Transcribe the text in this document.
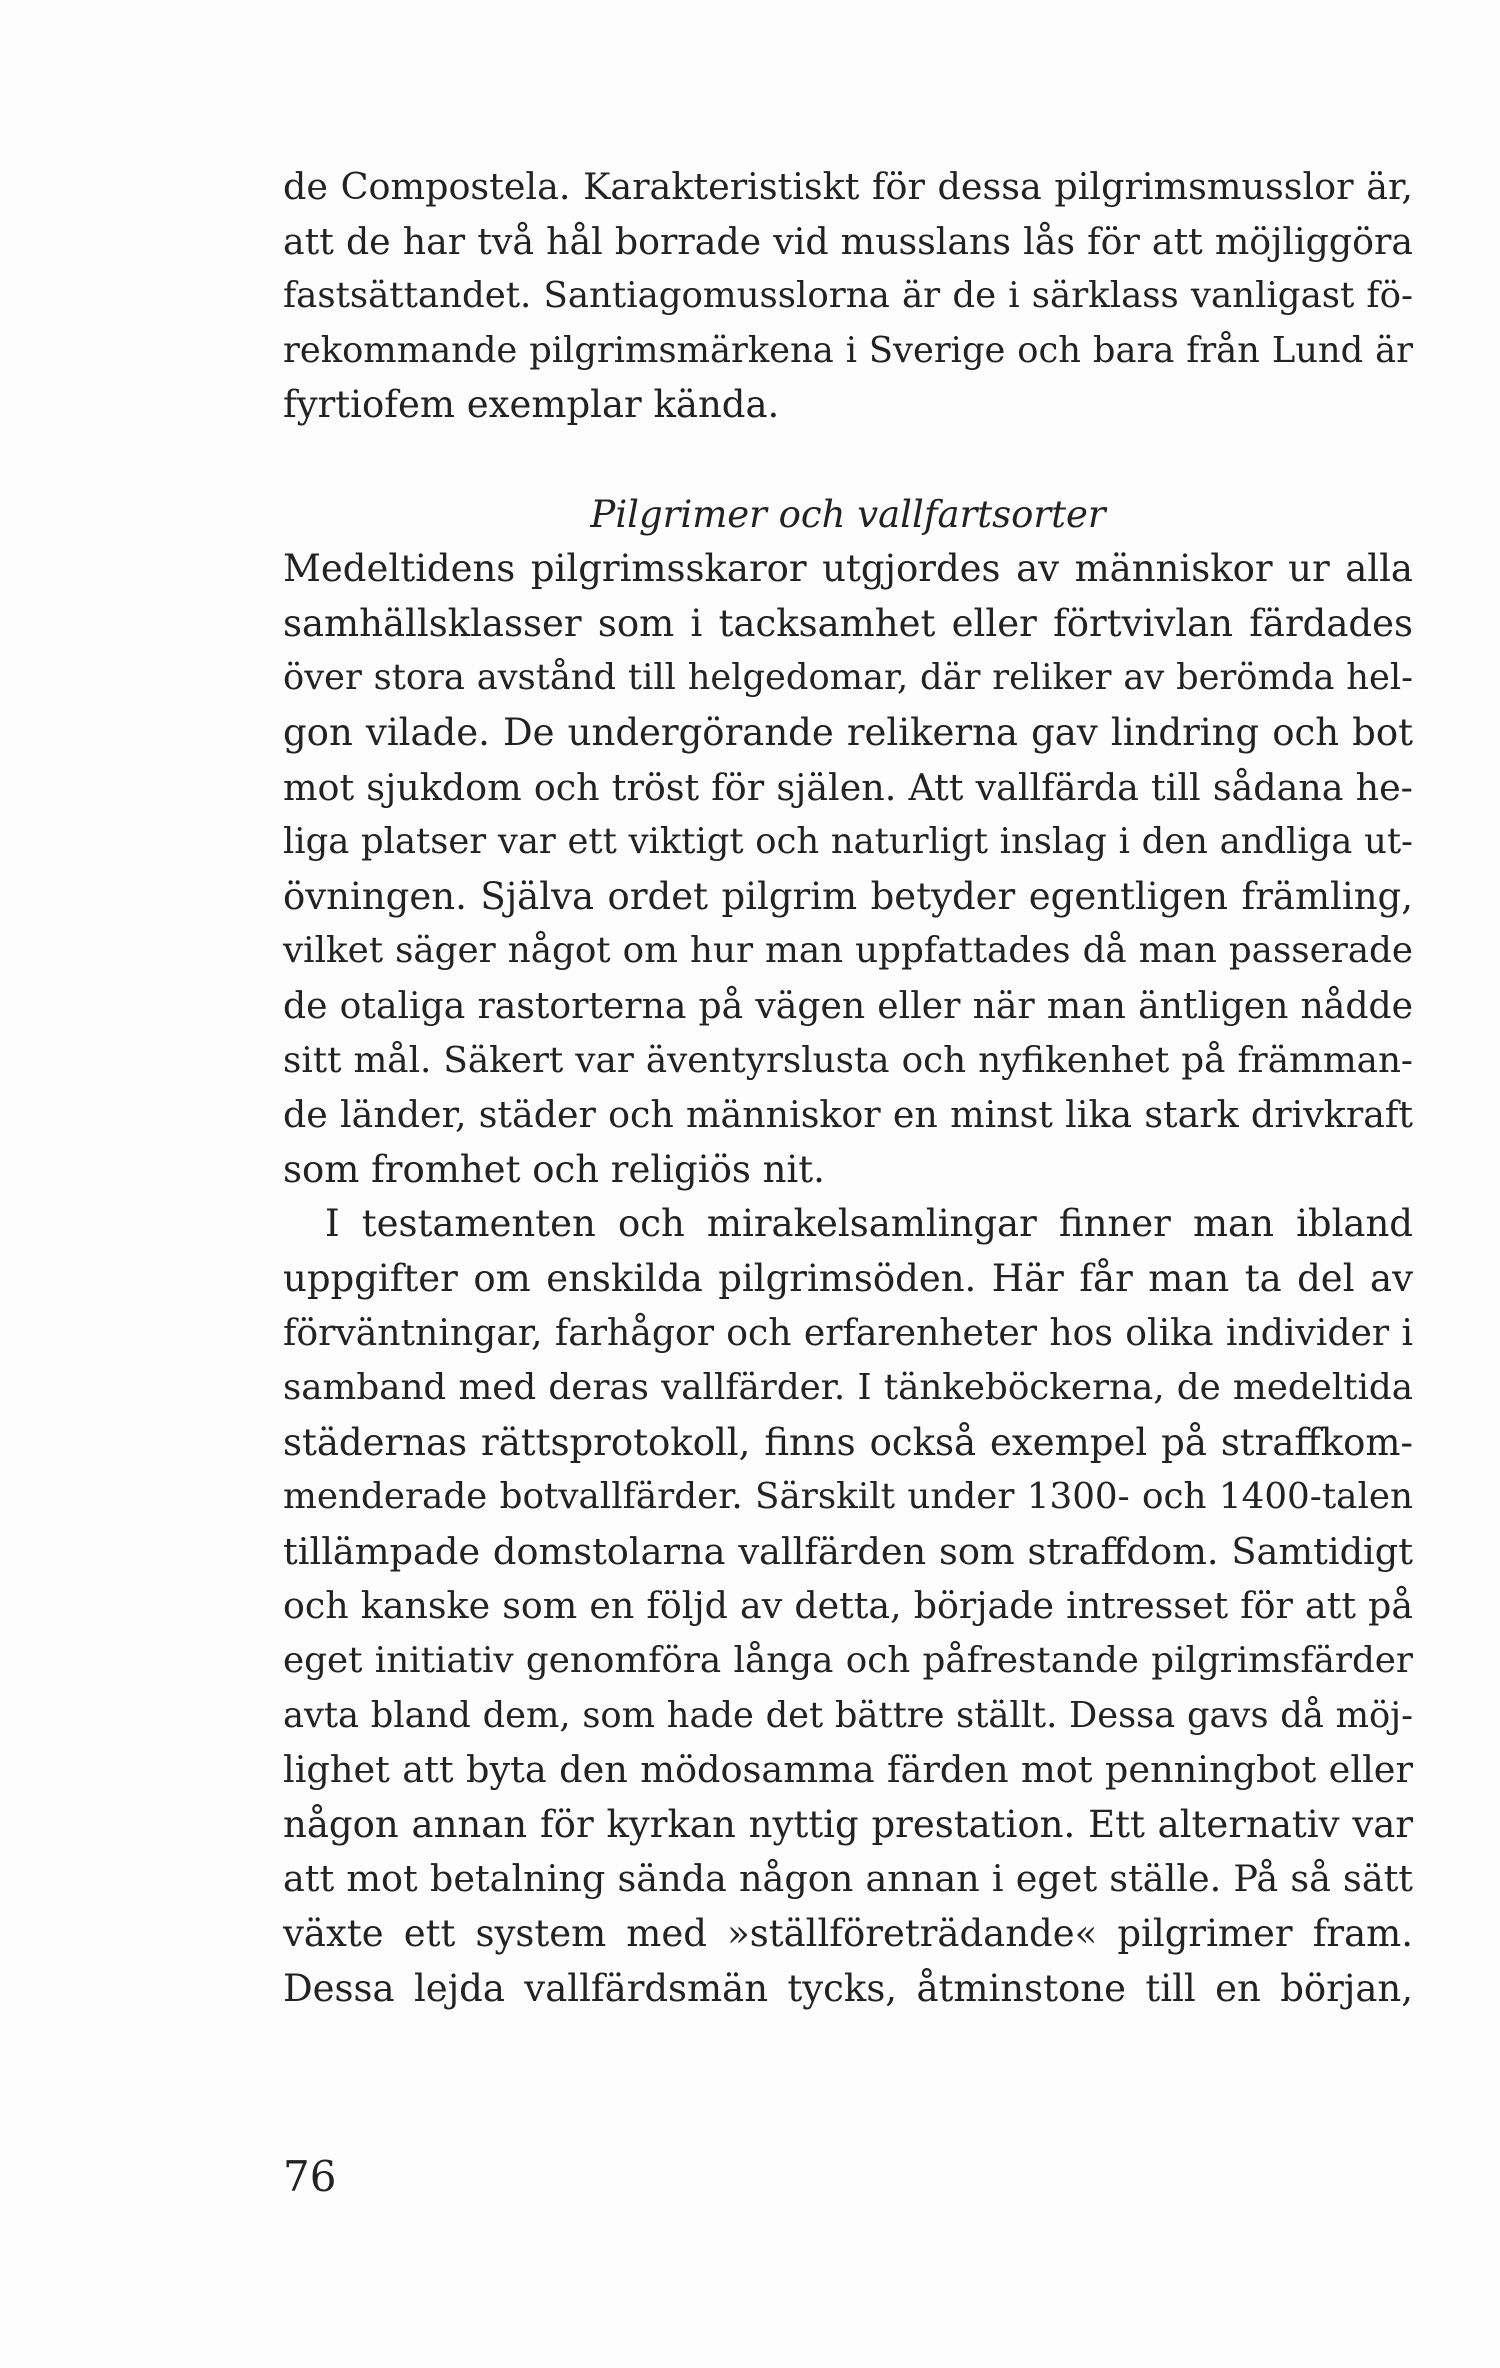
de Compostela. Karakteristiskt för dessa pilgrimsmusslor är,
att de har två hål borrade vid musslans lås för att möjliggöra
fastsättandet. Santiagomusslorna är de i särklass vanligast fö-
rekommande pilgrimsmärkena i Sverige och bara från Lund är
fyrtiofem exemplar kända.
Pilgrimer och vallfartsorter
Medeltidens pilgrimsskaror utgjordes av människor ur alla
samhällsklasser som i tacksamhet eller förtvivlan färdades
över stora avstånd till helgedomar, där reliker av berömda hel-
gon vilade. De undergörande relikerna gav lindring och bot
mot sjukdom och tröst för själen. Att vallfärda till sådana he-
liga platser var ett viktigt och naturligt inslag i den andliga ut-
övningen. Själva ordet pilgrim betyder egentligen främling,
vilket säger något om hur man uppfattades då man passerade
de otaliga rastorterna på vägen eller när man äntligen nådde
sitt mål. Säkert var äventyrslusta och nyfikenhet på främman-
de länder, städer och människor en minst lika stark drivkraft
som fromhet och religiös nit.
I testamenten och mirakelsamlingar finner man ibland
uppgifter om enskilda pilgrimsöden. Här får man ta del av
förväntningar, farhågor och erfarenheter hos olika individer i
samband med deras vallfärder. I tänkeböckerna, de medeltida
städernas rättsprotokoll, finns också exempel på straffkom-
menderade botvallfärder. Särskilt under 1300- och 1400-talen
tillämpade domstolarna vallfärden som straffdom. Samtidigt
och kanske som en följd av detta, började intresset för att på
eget initiativ genomföra långa och påfrestande pilgrimsfärder
avta bland dem, som hade det bättre ställt. Dessa gavs då möj-
lighet att byta den mödosamma färden mot penningbot eller
någon annan för kyrkan nyttig prestation. Ett alternativ var
att mot betalning sända någon annan i eget ställe. På så sätt
växte ett system med »ställföreträdande« pilgrimer fram.
Dessa lejda vallfärdsmän tycks, åtminstone till en början,
76
